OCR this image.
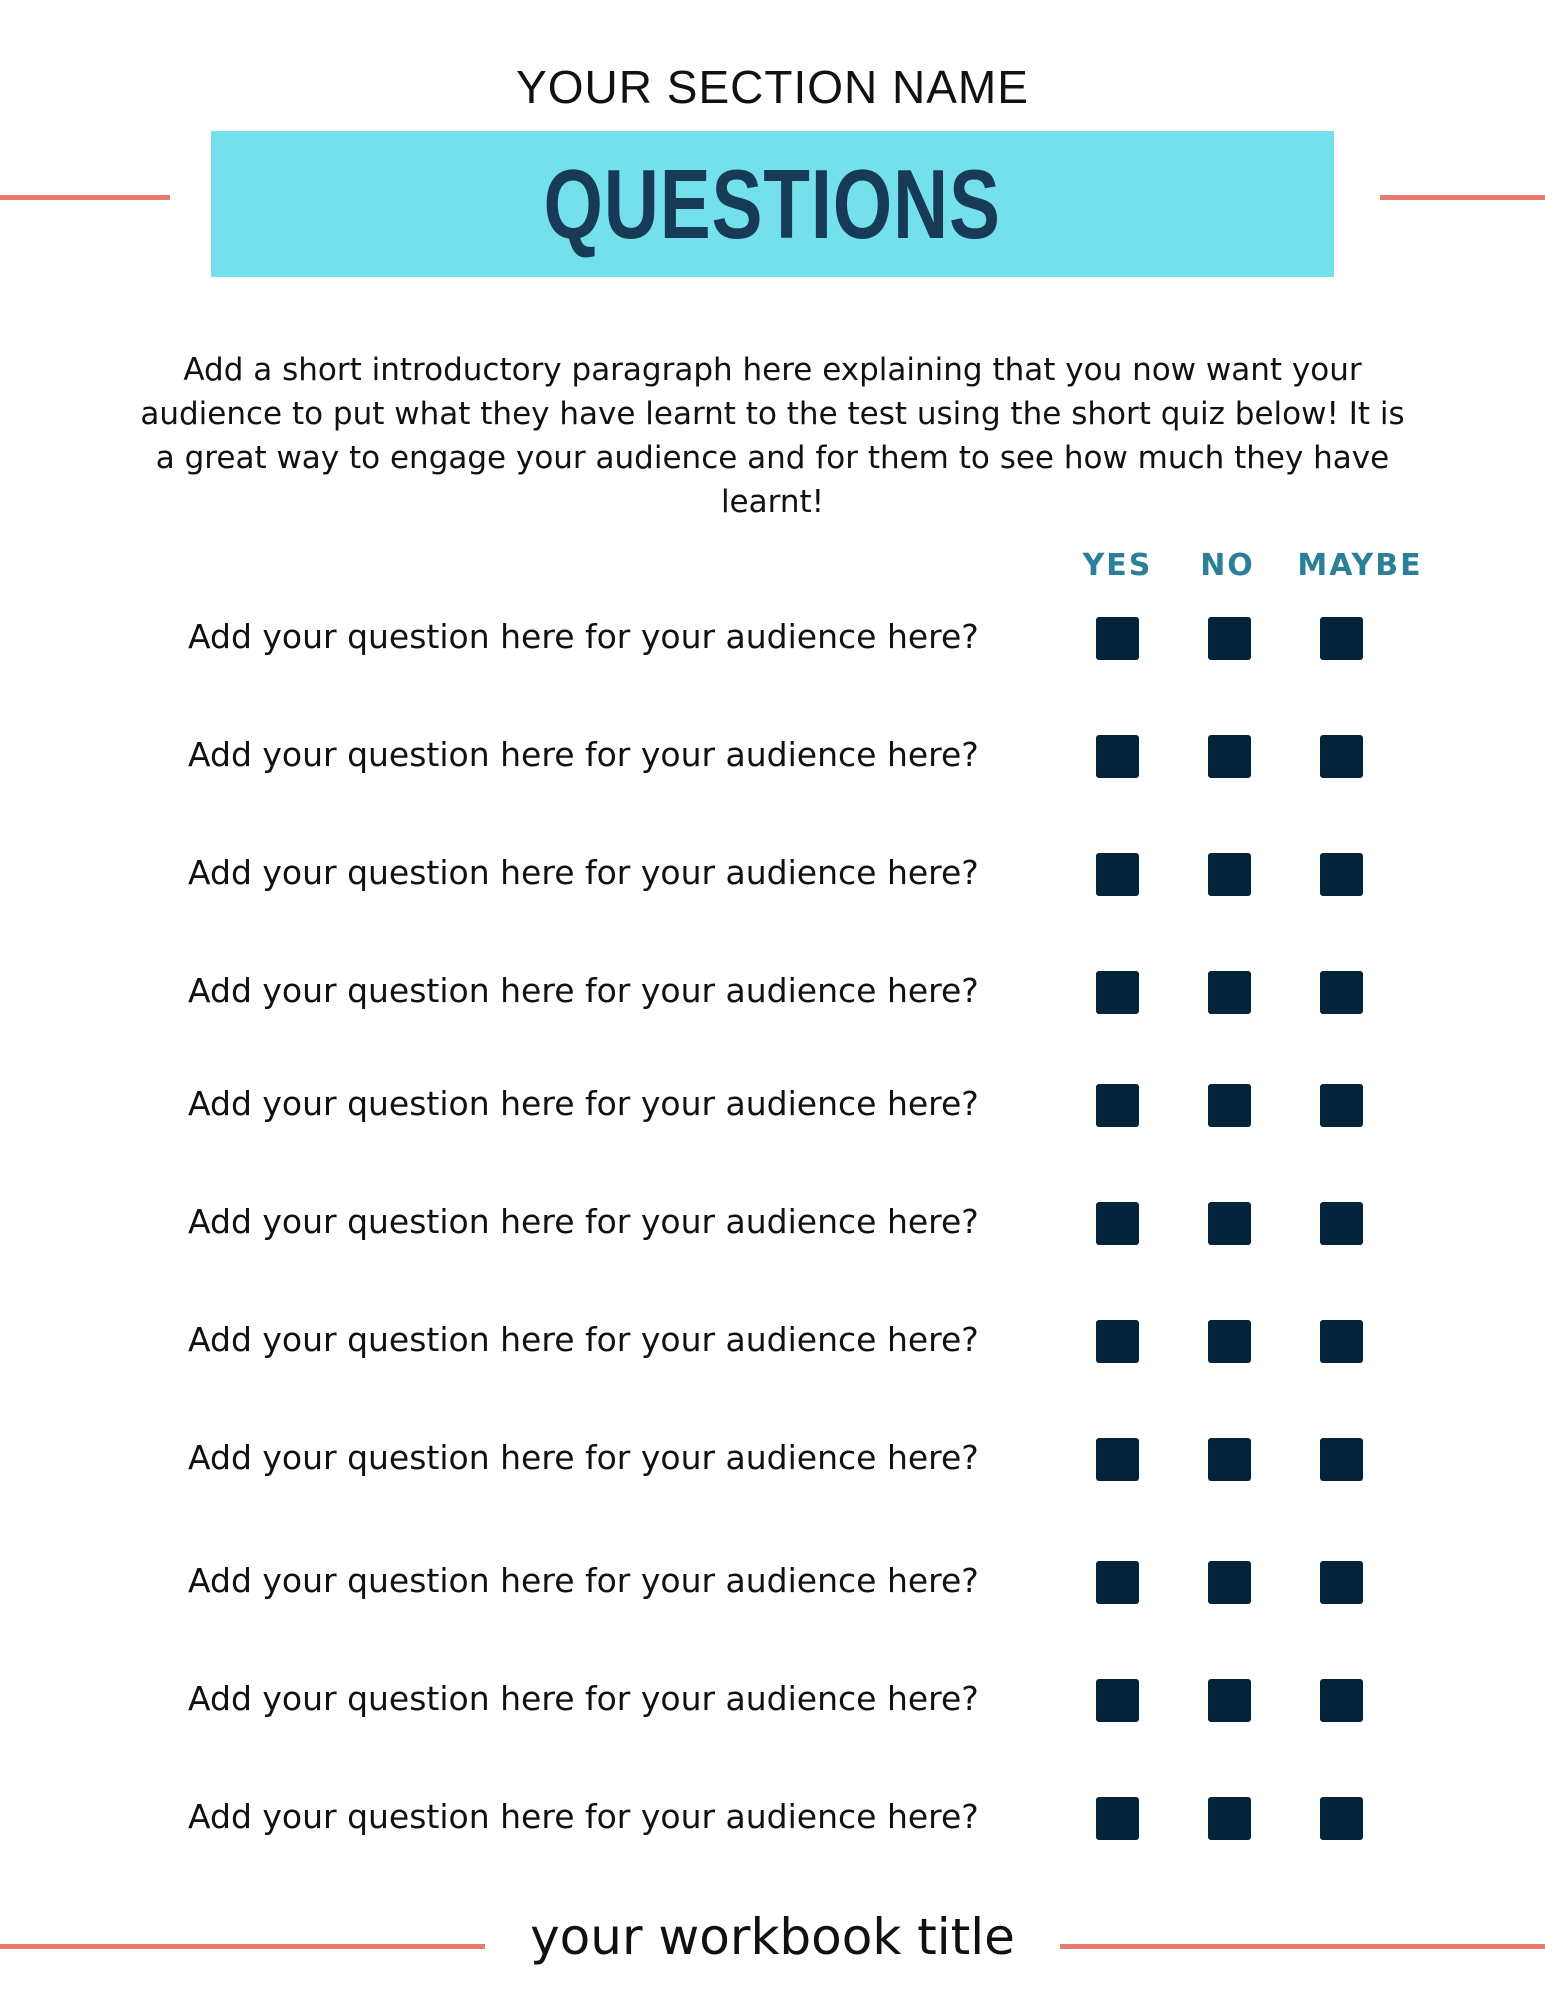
YOUR SECTION NAME
QUESTIONS
Add a short introductory paragraph here explaining that you now want your audience to put what they have learnt to the test using the short quiz below! It is a great way to engage your audience and for them to see how much they have learnt!
YES NO MAYBE
Add your question here for your audience here?
Add your question here for your audience here?
Add your question here for your audience here?
Add your question here for your audience here?
Add your question here for your audience here?
Add your question here for your audience here?
Add your question here for your audience here?
Add your question here for your audience here?
Add your question here for your audience here?
Add your question here for your audience here?
Add your question here for your audience here?
your workbook title
